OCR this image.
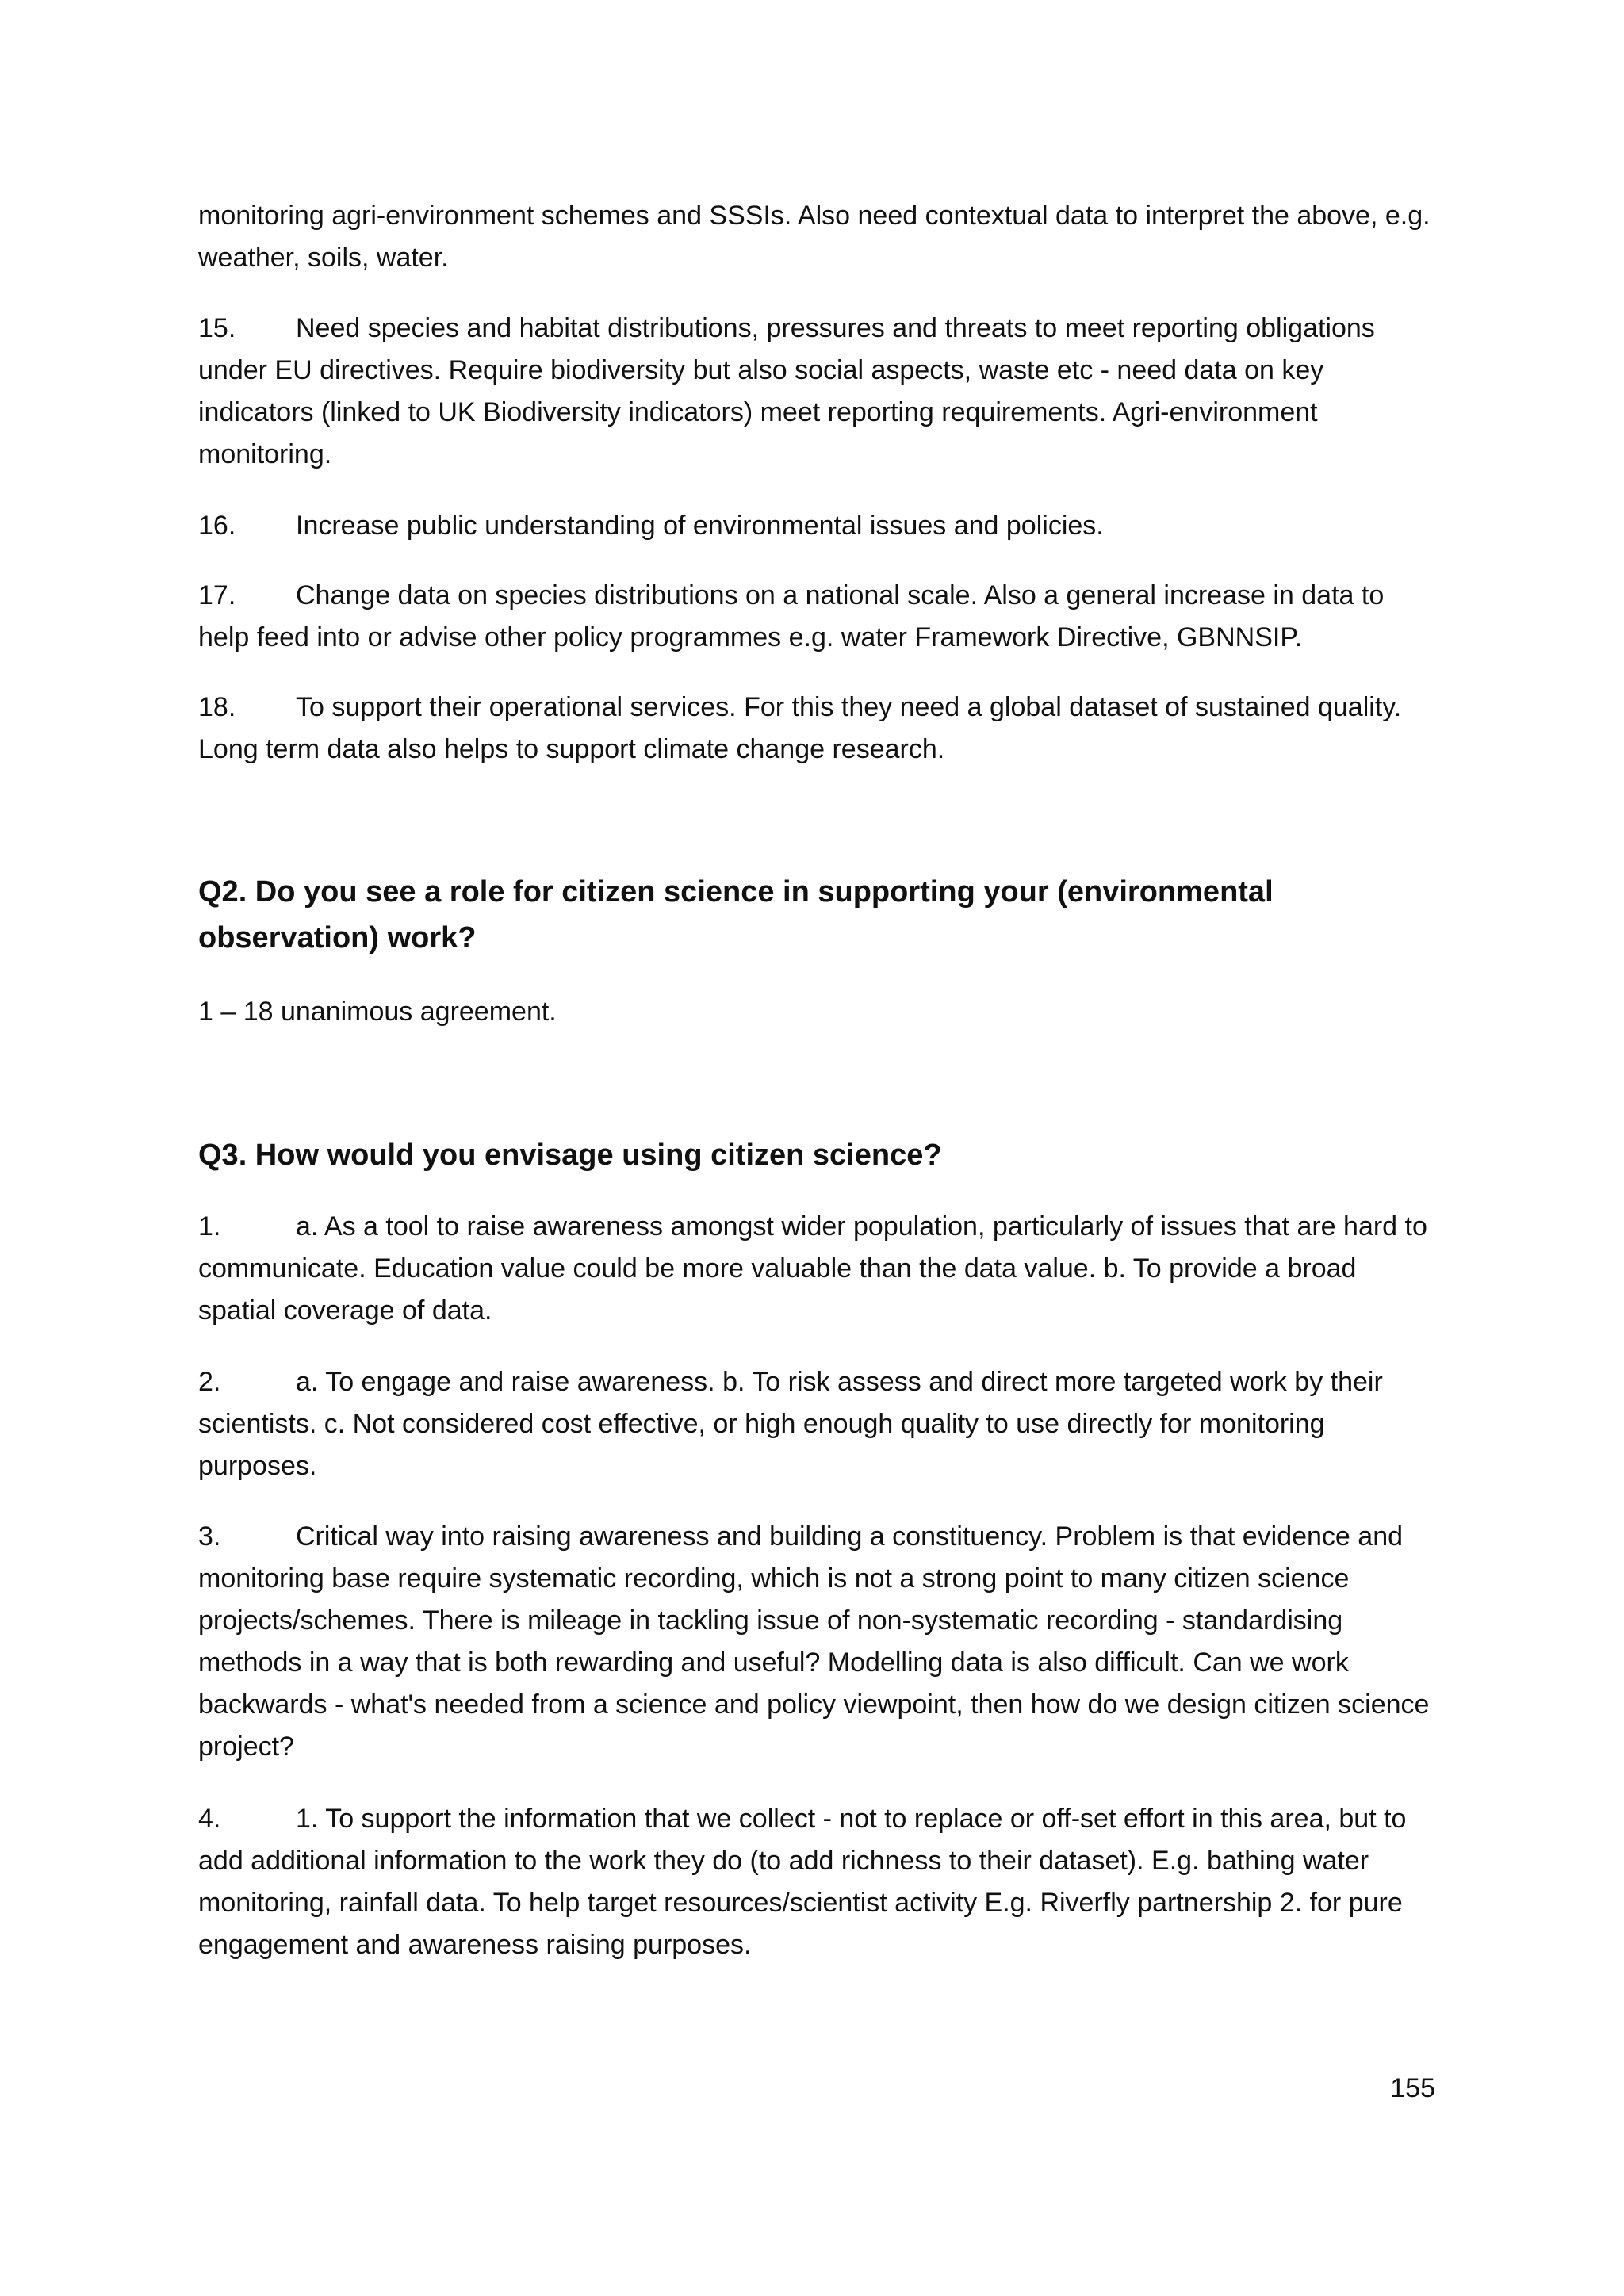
monitoring agri-environment schemes and SSSIs. Also need contextual data to interpret the above, e.g. weather, soils, water.

15. Need species and habitat distributions, pressures and threats to meet reporting obligations under EU directives. Require biodiversity but also social aspects, waste etc - need data on key indicators (linked to UK Biodiversity indicators) meet reporting requirements. Agri-environment monitoring.

16. Increase public understanding of environmental issues and policies.

17. Change data on species distributions on a national scale. Also a general increase in data to help feed into or advise other policy programmes e.g. water Framework Directive, GBNNSIP.

18. To support their operational services. For this they need a global dataset of sustained quality. Long term data also helps to support climate change research.

Q2. Do you see a role for citizen science in supporting your (environmental observation) work?

1 – 18 unanimous agreement.

Q3. How would you envisage using citizen science?

1.	a. As a tool to raise awareness amongst wider population, particularly of issues that are hard to communicate. Education value could be more valuable than the data value. b. To provide a broad spatial coverage of data.

2.	a. To engage and raise awareness. b. To risk assess and direct more targeted work by their scientists. c. Not considered cost effective, or high enough quality to use directly for monitoring purposes.

3.	Critical way into raising awareness and building a constituency. Problem is that evidence and monitoring base require systematic recording, which is not a strong point to many citizen science projects/schemes. There is mileage in tackling issue of non-systematic recording - standardising methods in a way that is both rewarding and useful? Modelling data is also difficult. Can we work backwards - what's needed from a science and policy viewpoint, then how do we design citizen science project?

4.	1. To support the information that we collect - not to replace or off-set effort in this area, but to add additional information to the work they do (to add richness to their dataset). E.g. bathing water monitoring, rainfall data. To help target resources/scientist activity E.g. Riverfly partnership 2. for pure engagement and awareness raising purposes.

155
